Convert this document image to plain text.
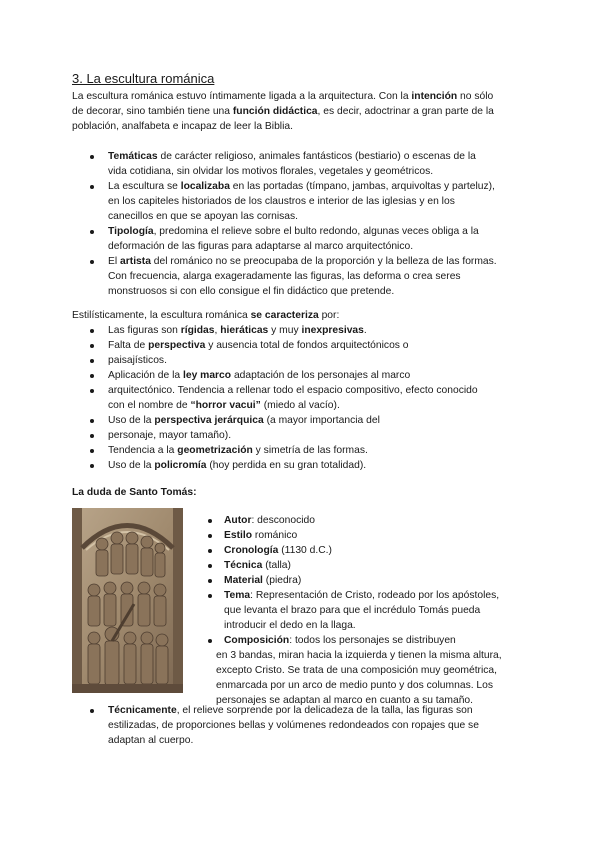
3. La escultura románica
La escultura románica estuvo íntimamente ligada a la arquitectura. Con la intención no sólo
de decorar, sino también tiene una función didáctica, es decir, adoctrinar a gran parte de la
población, analfabeta e incapaz de leer la Biblia.
Temáticas de carácter religioso, animales fantásticos (bestiario) o escenas de la
vida cotidiana, sin olvidar los motivos florales, vegetales y geométricos.
La escultura se localizaba en las portadas (tímpano, jambas, arquivoltas y parteluz),
en los capiteles historiados de los claustros e interior de las iglesias y en los
canecillos en que se apoyan las cornisas.
Tipología, predomina el relieve sobre el bulto redondo, algunas veces obliga a la
deformación de las figuras para adaptarse al marco arquitectónico.
El artista del románico no se preocupaba de la proporción y la belleza de las formas.
Con frecuencia, alarga exageradamente las figuras, las deforma o crea seres
monstruosos si con ello consigue el fin didáctico que pretende.
Estilísticamente, la escultura románica se caracteriza por:
Las figuras son rígidas, hieráticas y muy inexpresivas.
Falta de perspectiva y ausencia total de fondos arquitectónicos o
paisajísticos.
Aplicación de la ley marco adaptación de los personajes al marco
arquitectónico. Tendencia a rellenar todo el espacio compositivo, efecto conocido
con el nombre de “horror vacui” (miedo al vacío).
Uso de la perspectiva jerárquica (a mayor importancia del
personaje, mayor tamaño).
Tendencia a la geometrización y simetría de las formas.
Uso de la policromía (hoy perdida en su gran totalidad).
La duda de Santo Tomás:
Autor: desconocido
Estilo románico
Cronología (1130 d.C.)
Técnica (talla)
Material (piedra)
Tema: Representación de Cristo, rodeado por los apóstoles,
que levanta el brazo para que el incrédulo Tomás pueda
introducir el dedo en la llaga.
Composición: todos los personajes se distribuyen
en 3 bandas, miran hacia la izquierda y tienen la misma altura,
excepto Cristo. Se trata de una composición muy geométrica,
enmarcada por un arco de medio punto y dos columnas. Los
personajes se adaptan al marco en cuanto a su tamaño.
Técnicamente, el relieve sorprende por la delicadeza de la talla, las figuras son
estilizadas, de proporciones bellas y volúmenes redondeados con ropajes que se
adaptan al cuerpo.
